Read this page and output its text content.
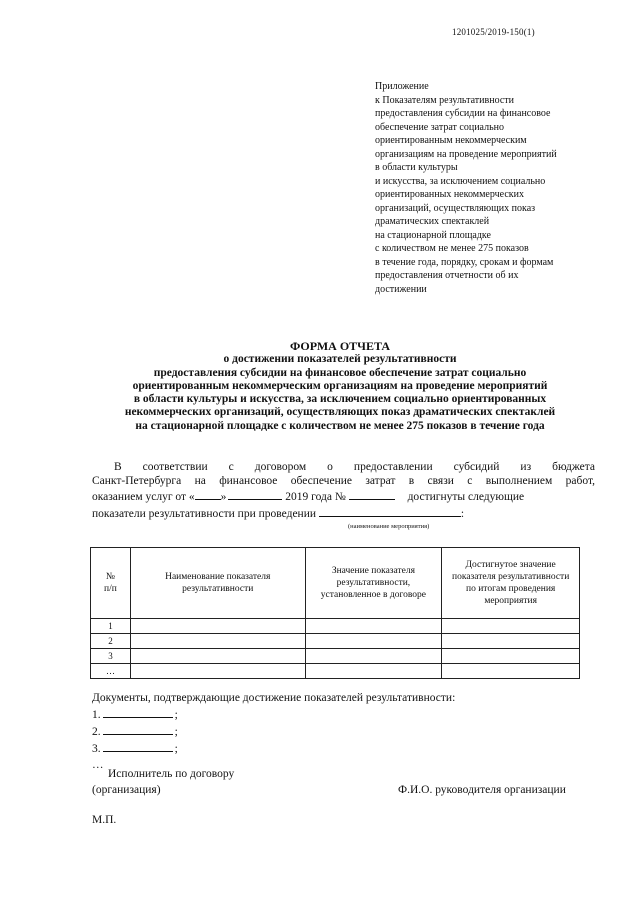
1201025/2019-150(1)
Приложение
к Показателям результативности
предоставления субсидии на финансовое
обеспечение затрат социально
ориентированным некоммерческим
организациям на проведение мероприятий
в области культуры
и искусства, за исключением социально
ориентированных некоммерческих
организаций, осуществляющих показ
драматических спектаклей
на стационарной площадке
с количеством не менее 275 показов
в течение года, порядку, срокам и формам
предоставления отчетности об их
достижении
ФОРМА ОТЧЕТА
о достижении показателей результативности
предоставления субсидии на финансовое обеспечение затрат социально
ориентированным некоммерческим организациям на проведение мероприятий
в области культуры и искусства, за исключением социально ориентированных
некоммерческих организаций, осуществляющих показ драматических спектаклей
на стационарной площадке с количеством не менее 275 показов в течение года
В соответствии с договором о предоставлении субсидий из бюджета
Санкт-Петербурга на финансовое обеспечение затрат в связи с выполнением работ,
оказанием услуг от « »	2019 года №	достигнуты следующие
показатели результативности при проведении	:
(наименование мероприятия)
№ п/п	Наименование показателя результативности	Значение показателя результативности, установленное в договоре	Достигнутое значение показателя результативности по итогам проведения мероприятия
1			
2			
3			
…			
Документы, подтверждающие достижение показателей результативности:
1.	;
2.	;
3.	;
…
Исполнитель по договору
(организация)	Ф.И.О. руководителя организации
М.П.
